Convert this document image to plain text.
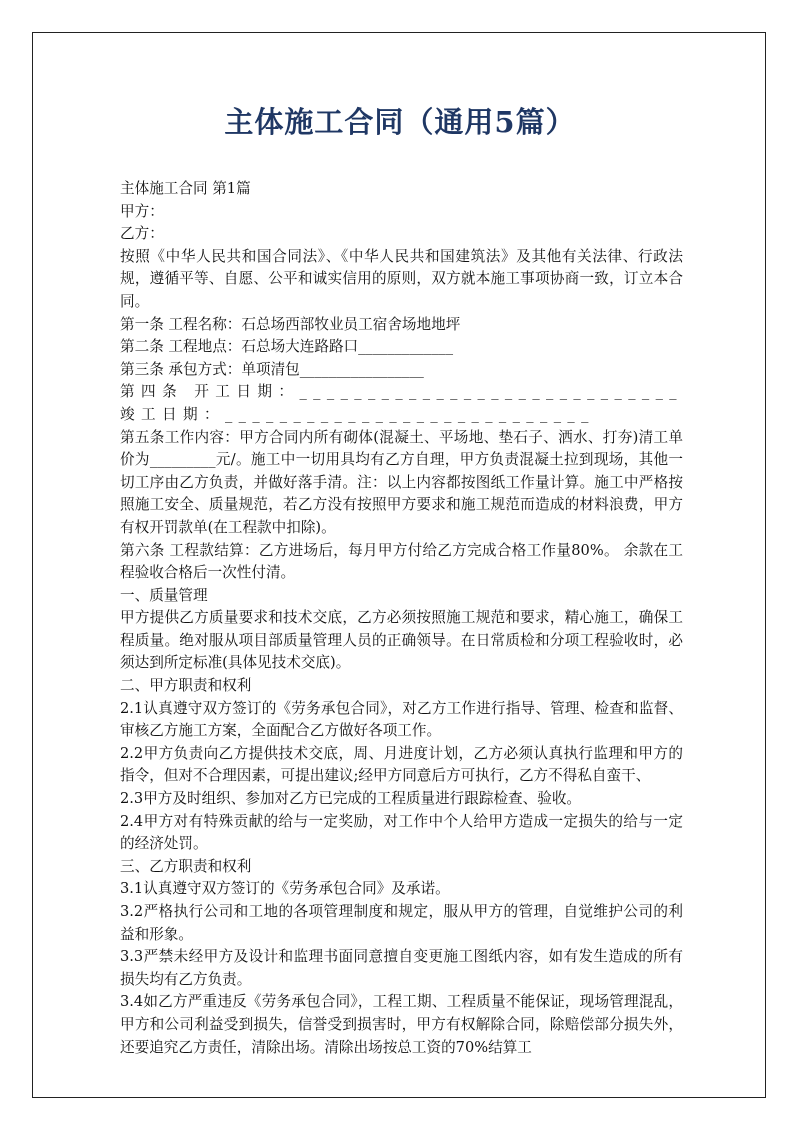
主体施工合同（通用5篇）

主体施工合同 第1篇

甲方：

乙方：

按照《中华人民共和国合同法》、《中华人民共和国建筑法》及其他有关法律、行政法规，遵循平等、自愿、公平和诚实信用的原则，双方就本施工事项协商一致，订立本合同。

第一条 工程名称：石总场西部牧业员工宿舍场地地坪

第二条 工程地点：石总场大连路路口_____________

第三条 承包方式：单项清包_________________

第四条 开工日期：____________________________ 竣工日期：___________________________

第五条工作内容：甲方合同内所有砌体(混凝土、平场地、垫石子、洒水、打夯)清工单价为_________元/。施工中一切用具均有乙方自理，甲方负责混凝土拉到现场，其他一切工序由乙方负责，并做好落手清。注：以上内容都按图纸工作量计算。施工中严格按照施工安全、质量规范，若乙方没有按照甲方要求和施工规范而造成的材料浪费，甲方有权开罚款单(在工程款中扣除)。

第六条 工程款结算：乙方进场后，每月甲方付给乙方完成合格工作量80%。 余款在工程验收合格后一次性付清。

一、质量管理

甲方提供乙方质量要求和技术交底，乙方必须按照施工规范和要求，精心施工，确保工程质量。绝对服从项目部质量管理人员的正确领导。在日常质检和分项工程验收时，必须达到所定标准(具体见技术交底)。

二、甲方职责和权利

2.1认真遵守双方签订的《劳务承包合同》，对乙方工作进行指导、管理、检查和监督、审核乙方施工方案，全面配合乙方做好各项工作。

2.2甲方负责向乙方提供技术交底，周、月进度计划，乙方必须认真执行监理和甲方的指令，但对不合理因素，可提出建议;经甲方同意后方可执行，乙方不得私自蛮干、

2.3甲方及时组织、参加对乙方已完成的工程质量进行跟踪检查、验收。

2.4甲方对有特殊贡献的给与一定奖励，对工作中个人给甲方造成一定损失的给与一定的经济处罚。

三、乙方职责和权利

3.1认真遵守双方签订的《劳务承包合同》及承诺。

3.2严格执行公司和工地的各项管理制度和规定，服从甲方的管理，自觉维护公司的利益和形象。

3.3严禁未经甲方及设计和监理书面同意擅自变更施工图纸内容，如有发生造成的所有损失均有乙方负责。

3.4如乙方严重违反《劳务承包合同》，工程工期、工程质量不能保证，现场管理混乱，甲方和公司利益受到损失，信誉受到损害时，甲方有权解除合同，除赔偿部分损失外，还要追究乙方责任，清除出场。清除出场按总工资的70%结算工
